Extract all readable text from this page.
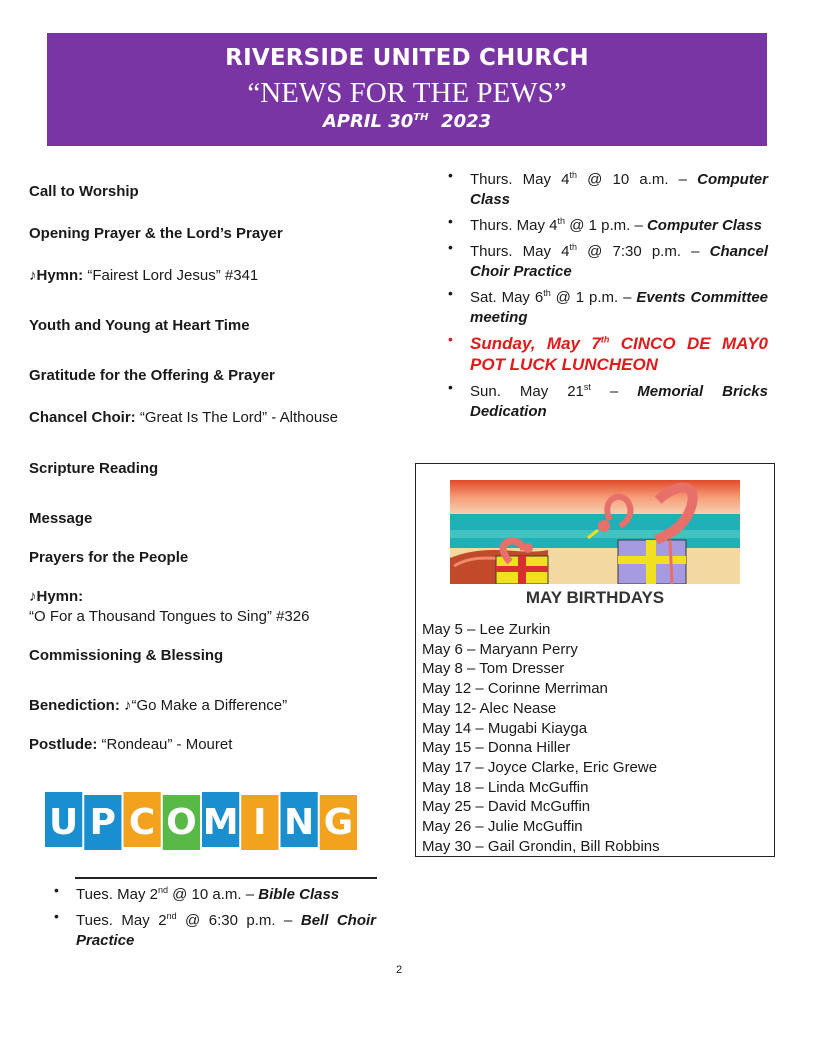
RIVERSIDE UNITED CHURCH
“NEWS FOR THE PEWS”
APRIL 30TH 2023
Call to Worship
Opening Prayer & the Lord’s Prayer
♪Hymn: “Fairest Lord Jesus” #341
Youth and Young at Heart Time
Gratitude for the Offering & Prayer
Chancel Choir: “Great Is The Lord” - Althouse
Scripture Reading
Message
Prayers for the People
♪Hymn:
“O For a Thousand Tongues to Sing” #326
Commissioning & Blessing
Benediction: ♪“Go Make a Difference”
Postlude: “Rondeau” - Mouret
• Thurs. May 4th @ 10 a.m. – Computer Class
• Thurs. May 4th @ 1 p.m. – Computer Class
• Thurs. May 4th @ 7:30 p.m. – Chancel Choir Practice
• Sat. May 6th @ 1 p.m. – Events Committee meeting
• Sunday, May 7th CINCO DE MAY0 POT LUCK LUNCHEON
• Sun. May 21st – Memorial Bricks Dedication
MAY BIRTHDAYS
May 5 – Lee Zurkin
May 6 – Maryann Perry
May 8 – Tom Dresser
May 12 – Corinne Merriman
May 12- Alec Nease
May 14 – Mugabi Kiayga
May 15 – Donna Hiller
May 17 – Joyce Clarke, Eric Grewe
May 18 – Linda McGuffin
May 25 – David McGuffin
May 26 – Julie McGuffin
May 30 – Gail Grondin, Bill Robbins
U P C O M I N G
• Tues. May 2nd @ 10 a.m. – Bible Class
• Tues. May 2nd @ 6:30 p.m. – Bell Choir Practice
2
